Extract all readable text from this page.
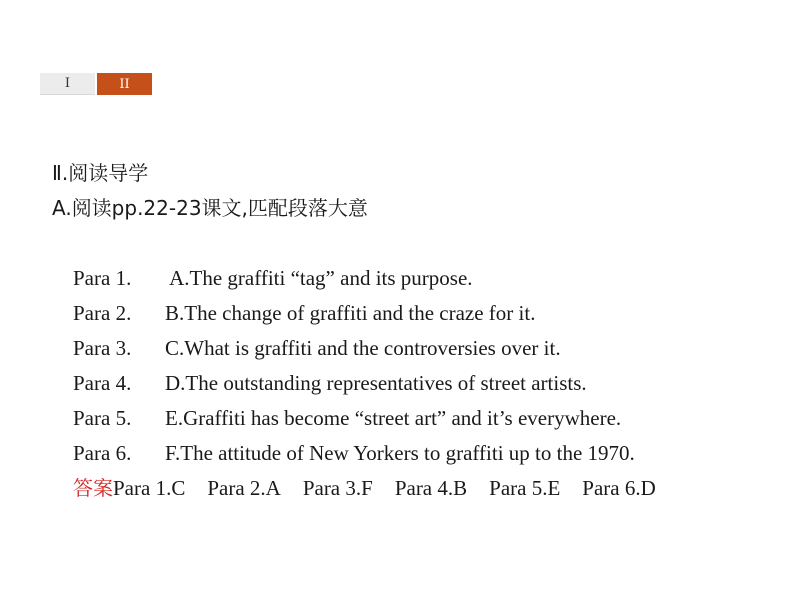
I	II
Ⅱ.阅读导学
A.阅读pp.22-23课文,匹配段落大意

Para 1. A.The graffiti “tag” and its purpose.

Para 2. B.The change of graffiti and the craze for it.

Para 3. C.What is graffiti and the controversies over it.

Para 4. D.The outstanding representatives of street artists.

Para 5. E.Graffiti has become “street art” and it’s everywhere.

Para 6. F.The attitude of New Yorkers to graffiti up to the 1970.

答案Para 1.C Para 2.A Para 3.F Para 4.B Para 5.E Para 6.D
